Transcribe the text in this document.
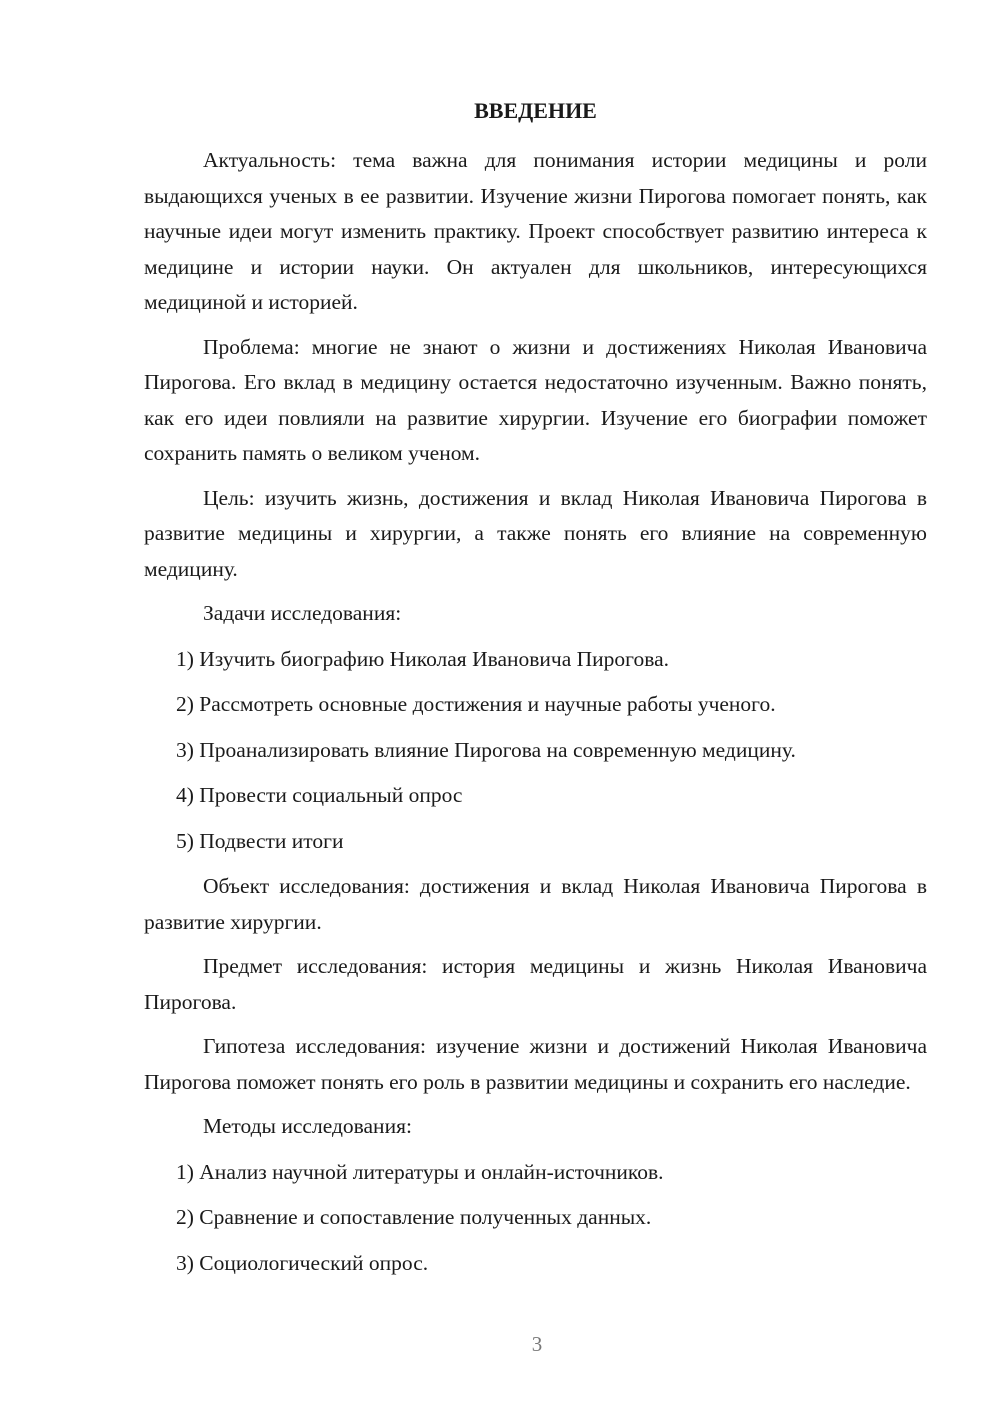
ВВЕДЕНИЕ

Актуальность: тема важна для понимания истории медицины и роли выдающихся ученых в ее развитии. Изучение жизни Пирогова помогает понять, как научные идеи могут изменить практику. Проект способствует развитию интереса к медицине и истории науки. Он актуален для школьников, интересующихся медициной и историей.

Проблема: многие не знают о жизни и достижениях Николая Ивановича Пирогова. Его вклад в медицину остается недостаточно изученным. Важно понять, как его идеи повлияли на развитие хирургии. Изучение его биографии поможет сохранить память о великом ученом.

Цель: изучить жизнь, достижения и вклад Николая Ивановича Пирогова в развитие медицины и хирургии, а также понять его влияние на современную медицину.

Задачи исследования:

1) Изучить биографию Николая Ивановича Пирогова.

2) Рассмотреть основные достижения и научные работы ученого.

3) Проанализировать влияние Пирогова на современную медицину.

4) Провести социальный опрос

5) Подвести итоги

Объект исследования: достижения и вклад Николая Ивановича Пирогова в развитие хирургии.

Предмет исследования: история медицины и жизнь Николая Ивановича Пирогова.

Гипотеза исследования: изучение жизни и достижений Николая Ивановича Пирогова поможет понять его роль в развитии медицины и сохранить его наследие.

Методы исследования:

1) Анализ научной литературы и онлайн-источников.

2) Сравнение и сопоставление полученных данных.

3) Социологический опрос.

3
